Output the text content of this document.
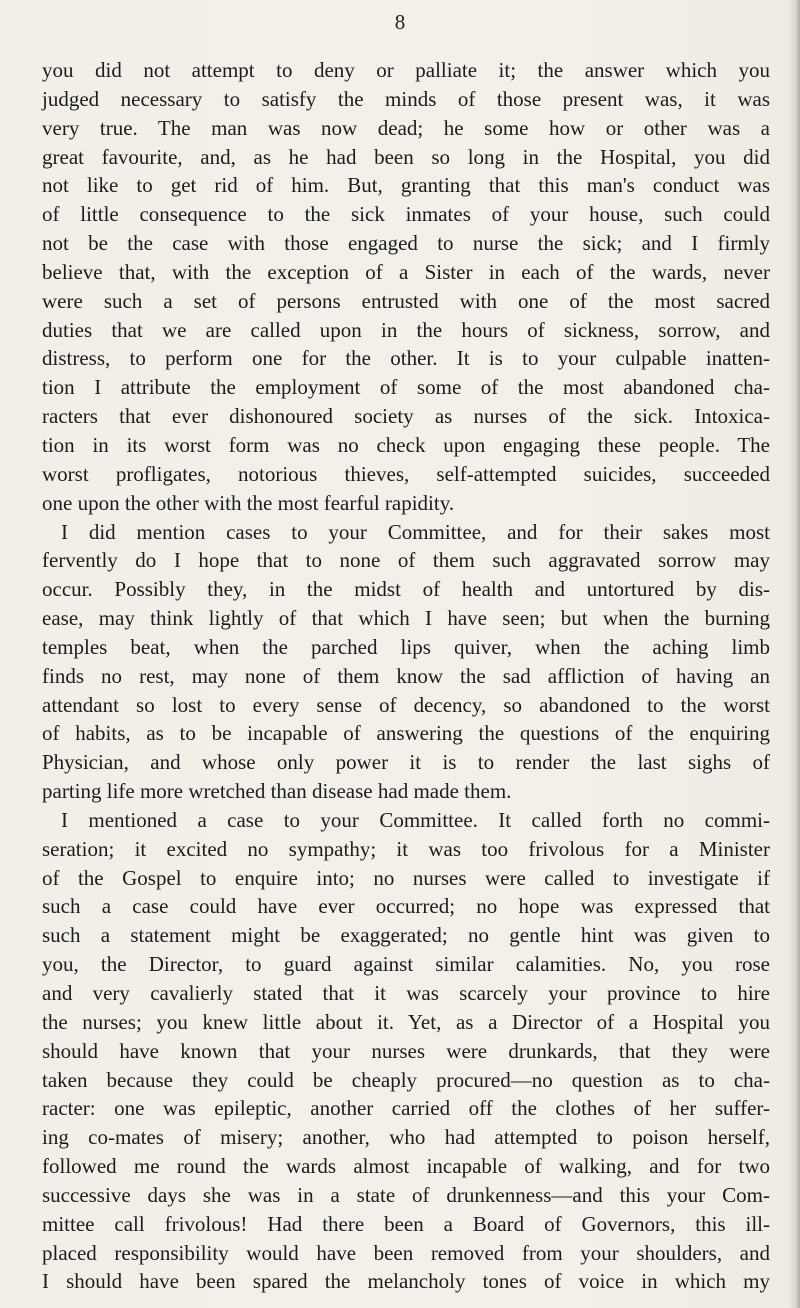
8
you did not attempt to deny or palliate it; the answer which you
judged necessary to satisfy the minds of those present was, it was
very true. The man was now dead; he some how or other was a
great favourite, and, as he had been so long in the Hospital, you did
not like to get rid of him. But, granting that this man's conduct was
of little consequence to the sick inmates of your house, such could
not be the case with those engaged to nurse the sick; and I firmly
believe that, with the exception of a Sister in each of the wards, never
were such a set of persons entrusted with one of the most sacred
duties that we are called upon in the hours of sickness, sorrow, and
distress, to perform one for the other. It is to your culpable inatten-
tion I attribute the employment of some of the most abandoned cha-
racters that ever dishonoured society as nurses of the sick. Intoxica-
tion in its worst form was no check upon engaging these people. The
worst profligates, notorious thieves, self-attempted suicides, succeeded
one upon the other with the most fearful rapidity.
I did mention cases to your Committee, and for their sakes most
fervently do I hope that to none of them such aggravated sorrow may
occur. Possibly they, in the midst of health and untortured by dis-
ease, may think lightly of that which I have seen; but when the burning
temples beat, when the parched lips quiver, when the aching limb
finds no rest, may none of them know the sad affliction of having an
attendant so lost to every sense of decency, so abandoned to the worst
of habits, as to be incapable of answering the questions of the enquiring
Physician, and whose only power it is to render the last sighs of
parting life more wretched than disease had made them.
I mentioned a case to your Committee. It called forth no commi-
seration; it excited no sympathy; it was too frivolous for a Minister
of the Gospel to enquire into; no nurses were called to investigate if
such a case could have ever occurred; no hope was expressed that
such a statement might be exaggerated; no gentle hint was given to
you, the Director, to guard against similar calamities. No, you rose
and very cavalierly stated that it was scarcely your province to hire
the nurses; you knew little about it. Yet, as a Director of a Hospital you
should have known that your nurses were drunkards, that they were
taken because they could be cheaply procured—no question as to cha-
racter: one was epileptic, another carried off the clothes of her suffer-
ing co-mates of misery; another, who had attempted to poison herself,
followed me round the wards almost incapable of walking, and for two
successive days she was in a state of drunkenness—and this your Com-
mittee call frivolous! Had there been a Board of Governors, this ill-
placed responsibility would have been removed from your shoulders, and
I should have been spared the melancholy tones of voice in which my
